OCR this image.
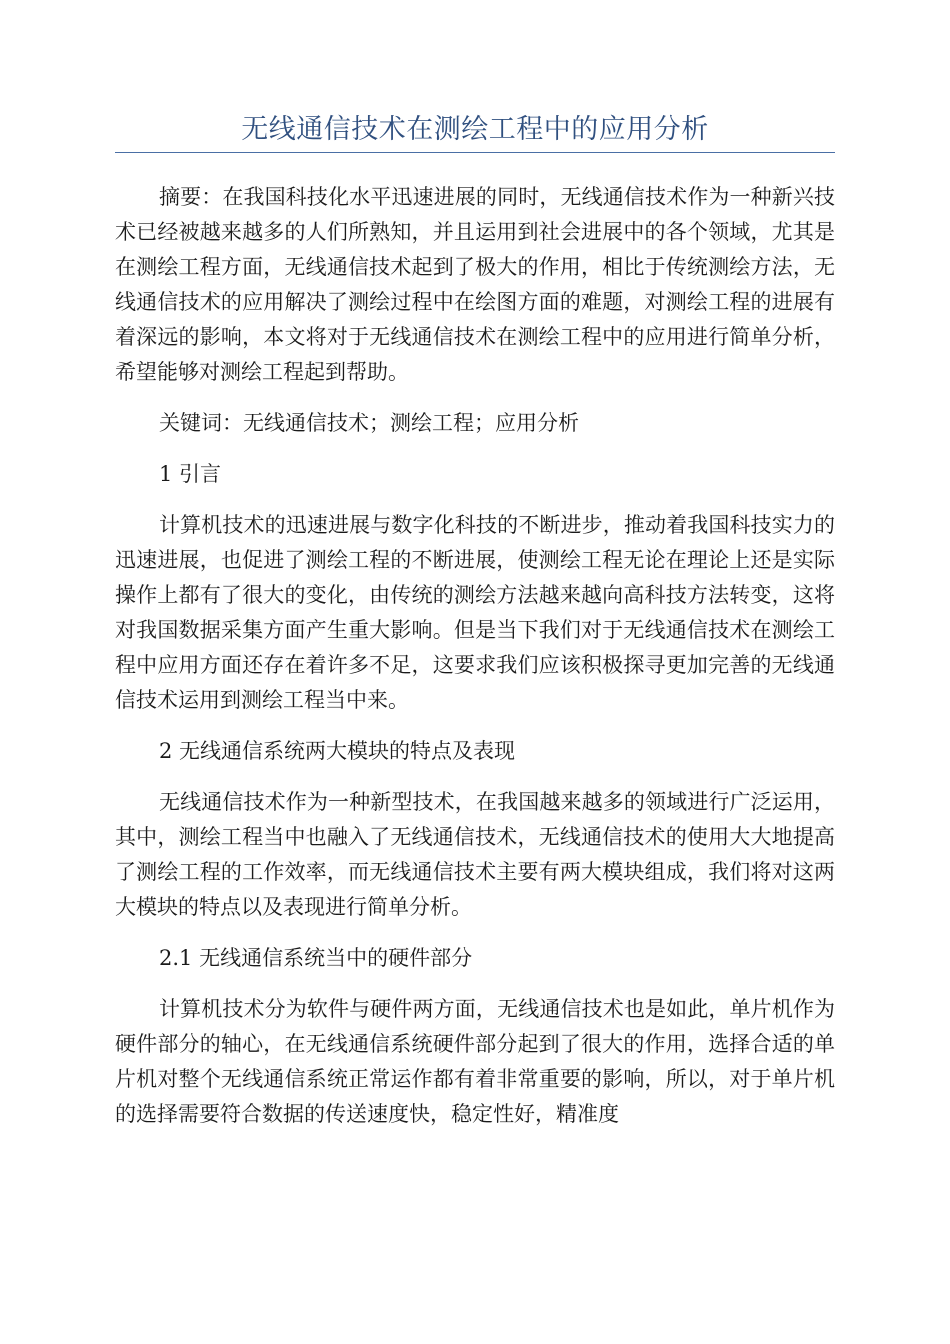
无线通信技术在测绘工程中的应用分析

摘要：在我国科技化水平迅速进展的同时，无线通信技术作为一种新兴技术已经被越来越多的人们所熟知，并且运用到社会进展中的各个领域，尤其是在测绘工程方面，无线通信技术起到了极大的作用，相比于传统测绘方法，无线通信技术的应用解决了测绘过程中在绘图方面的难题，对测绘工程的进展有着深远的影响，本文将对于无线通信技术在测绘工程中的应用进行简单分析，希望能够对测绘工程起到帮助。

关键词：无线通信技术；测绘工程；应用分析

1 引言

计算机技术的迅速进展与数字化科技的不断进步，推动着我国科技实力的迅速进展，也促进了测绘工程的不断进展，使测绘工程无论在理论上还是实际操作上都有了很大的变化，由传统的测绘方法越来越向高科技方法转变，这将对我国数据采集方面产生重大影响。但是当下我们对于无线通信技术在测绘工程中应用方面还存在着许多不足，这要求我们应该积极探寻更加完善的无线通信技术运用到测绘工程当中来。

2 无线通信系统两大模块的特点及表现

无线通信技术作为一种新型技术，在我国越来越多的领域进行广泛运用，其中，测绘工程当中也融入了无线通信技术，无线通信技术的使用大大地提高了测绘工程的工作效率，而无线通信技术主要有两大模块组成，我们将对这两大模块的特点以及表现进行简单分析。

2.1 无线通信系统当中的硬件部分

计算机技术分为软件与硬件两方面，无线通信技术也是如此，单片机作为硬件部分的轴心，在无线通信系统硬件部分起到了很大的作用，选择合适的单片机对整个无线通信系统正常运作都有着非常重要的影响，所以，对于单片机的选择需要符合数据的传送速度快，稳定性好，精准度
